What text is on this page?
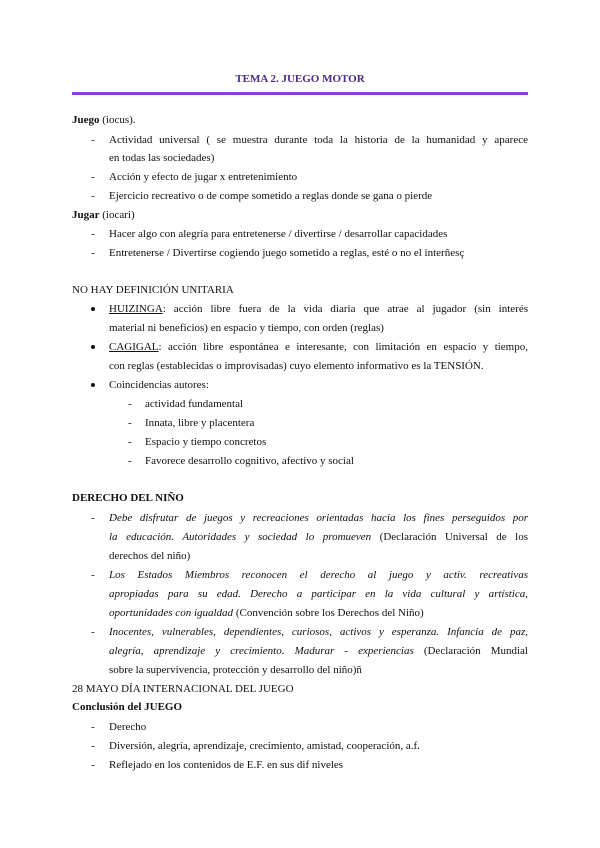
TEMA 2. JUEGO MOTOR
Juego (iocus).
- Actividad universal ( se muestra durante toda la historia de la humanidad y aparece
en todas las sociedades)
- Acción y efecto de jugar x entretenimiento
- Ejercicio recreativo o de compe sometido a reglas donde se gana o pierde
Jugar (iocari)
- Hacer algo con alegría para entretenerse / divertirse / desarrollar capacidades
- Entretenerse / Divertirse cogiendo juego sometido a reglas, esté o no el interñesç
NO HAY DEFINICIÓN UNITARIA
HUIZINGA: acción libre fuera de la vida diaria que atrae al jugador (sin interés
material ni beneficios) en espacio y tiempo, con orden (reglas)
CAGIGAL: acción libre espontánea e interesante, con limitación en espacio y tiempo,
con reglas (establecidas o improvisadas) cuyo elemento informativo es la TENSIÓN.
Coincidencias autores:
- actividad fundamental
- Innata, libre y placentera
- Espacio y tiempo concretos
- Favorece desarrollo cognitivo, afectivo y social
DERECHO DEL NIÑO
- Debe disfrutar de juegos y recreaciones orientadas hacia los fines perseguidos por
la educación. Autoridades y sociedad lo promueven (Declaración Universal de los
derechos del niño)
- Los Estados Miembros reconocen el derecho al juego y activ. recreativas
apropiadas para su edad. Derecho a participar en la vida cultural y artística,
oportunidades con igualdad (Convención sobre los Derechos del Niño)
- Inocentes, vulnerables, dependientes, curiosos, activos y esperanza. Infancia de paz,
alegría, aprendizaje y crecimiento. Madurar - experiencias (Declaración Mundial
sobre la supervivencia, protección y desarrollo del niño)ñ
28 MAYO DÍA INTERNACIONAL DEL JUEGO
Conclusión del JUEGO
- Derecho
- Diversión, alegría, aprendizaje, crecimiento, amistad, cooperación, a.f.
- Reflejado en los contenidos de E.F. en sus dif niveles
